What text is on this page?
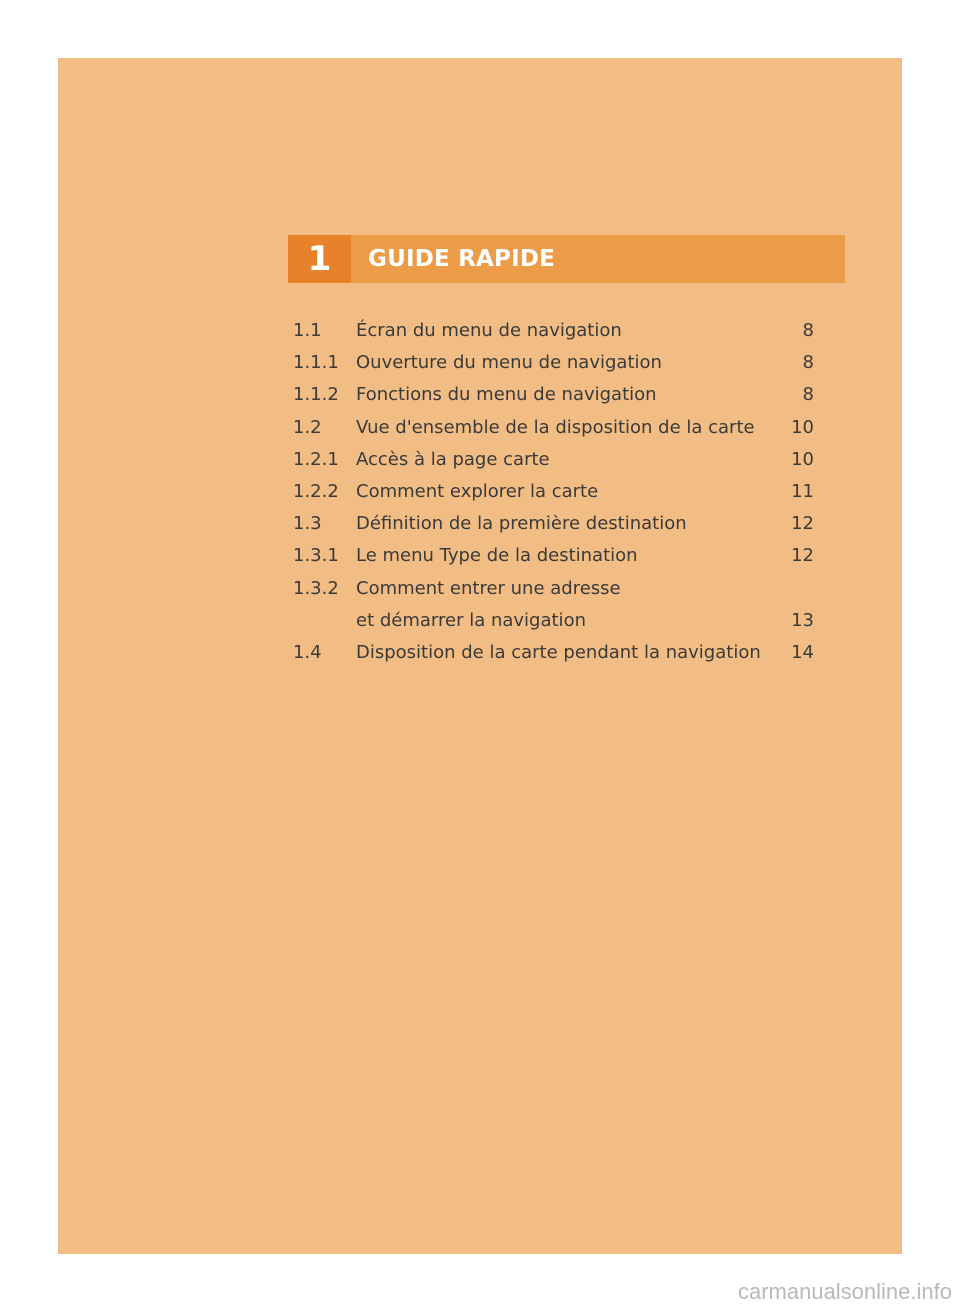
1	GUIDE RAPIDE
1.1	Écran du menu de navigation	8
1.1.1 Ouverture du menu de navigation	8
1.1.2 Fonctions du menu de navigation	8
1.2	Vue d'ensemble de la disposition de la carte	10
1.2.1 Accès à la page carte	10
1.2.2 Comment explorer la carte	11
1.3	Définition de la première destination	12
1.3.1 Le menu Type de la destination	12
1.3.2 Comment entrer une adresse
et démarrer la navigation	13
1.4	Disposition de la carte pendant la navigation	14
carmanualsonline.info
